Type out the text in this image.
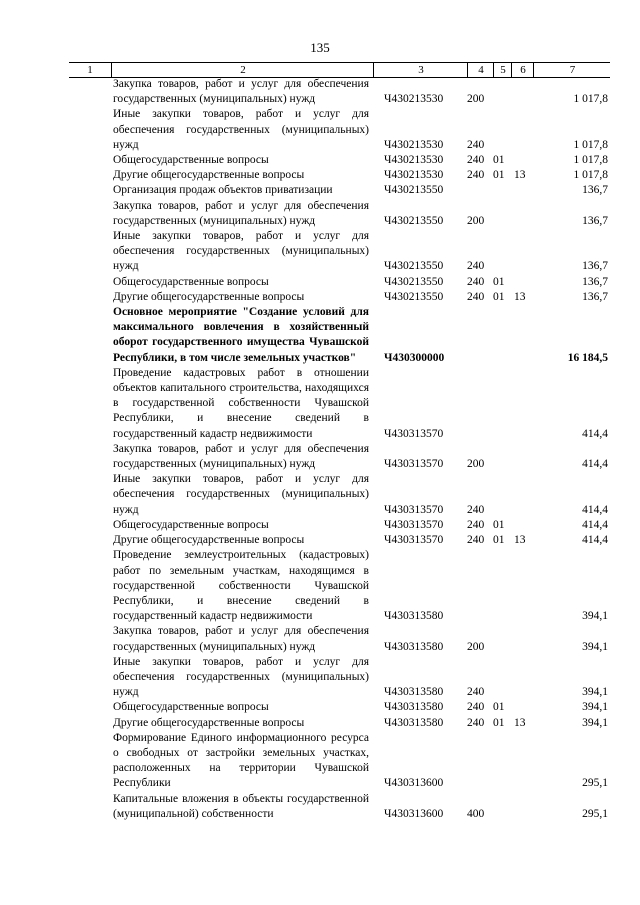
135
1	2	3	4	5	6	7
Закупка товаров, работ и услуг для обеспечения государственных (муниципальных) нужд	Ч430213530 200	1 017,8
Иные закупки товаров, работ и услуг для обеспечения государственных (муниципальных) нужд	Ч430213530 240	1 017,8
Общегосударственные вопросы	Ч430213530 240 01	1 017,8
Другие общегосударственные вопросы	Ч430213530 240 01 13	1 017,8
Организация продаж объектов приватизации	Ч430213550	136,7
Закупка товаров, работ и услуг для обеспечения государственных (муниципальных) нужд	Ч430213550 200	136,7
Иные закупки товаров, работ и услуг для обеспечения государственных (муниципальных) нужд	Ч430213550 240	136,7
Общегосударственные вопросы	Ч430213550 240 01	136,7
Другие общегосударственные вопросы	Ч430213550 240 01 13	136,7
Основное мероприятие "Создание условий для максимального вовлечения в хозяйственный оборот государственного имущества Чувашской Республики, в том числе земельных участков"	Ч430300000	16 184,5
Проведение кадастровых работ в отношении объектов капитального строительства, находящихся в государственной собственности Чувашской Республики, и внесение сведений в государственный кадастр недвижимости	Ч430313570	414,4
Закупка товаров, работ и услуг для обеспечения государственных (муниципальных) нужд	Ч430313570 200	414,4
Иные закупки товаров, работ и услуг для обеспечения государственных (муниципальных) нужд	Ч430313570 240	414,4
Общегосударственные вопросы	Ч430313570 240 01	414,4
Другие общегосударственные вопросы	Ч430313570 240 01 13	414,4
Проведение землеустроительных (кадастровых) работ по земельным участкам, находящимся в государственной собственности Чувашской Республики, и внесение сведений в государственный кадастр недвижимости	Ч430313580	394,1
Закупка товаров, работ и услуг для обеспечения государственных (муниципальных) нужд	Ч430313580 200	394,1
Иные закупки товаров, работ и услуг для обеспечения государственных (муниципальных) нужд	Ч430313580 240	394,1
Общегосударственные вопросы	Ч430313580 240 01	394,1
Другие общегосударственные вопросы	Ч430313580 240 01 13	394,1
Формирование Единого информационного ресурса о свободных от застройки земельных участках, расположенных на территории Чувашской Республики	Ч430313600	295,1
Капитальные вложения в объекты государственной (муниципальной) собственности	Ч430313600 400	295,1
